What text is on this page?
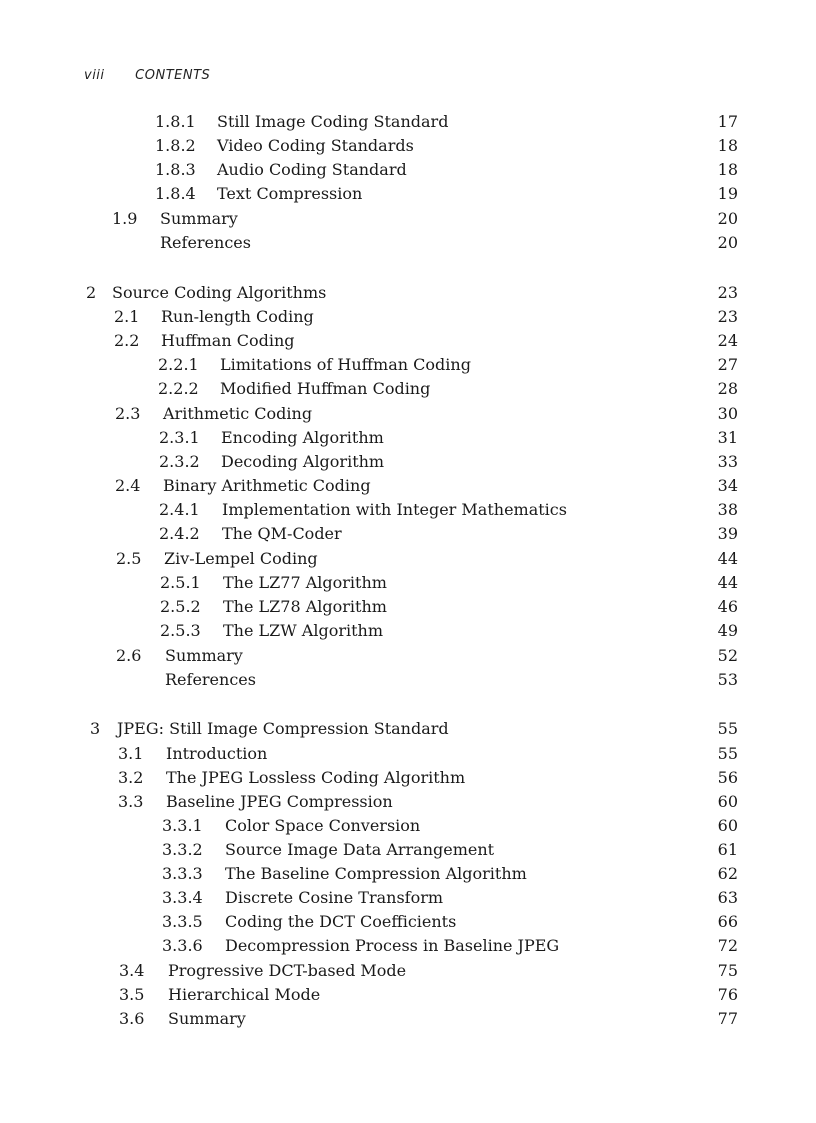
viii CONTENTS
1.8.1 Still Image Coding Standard	17
1.8.2 Video Coding Standards	18
1.8.3 Audio Coding Standard	18
1.8.4 Text Compression	19
1.9 Summary	20
References	20
2 Source Coding Algorithms	23
2.1 Run-length Coding	23
2.2 Huffman Coding	24
2.2.1 Limitations of Huffman Coding	27
2.2.2 Modified Huffman Coding	28
2.3 Arithmetic Coding	30
2.3.1 Encoding Algorithm	31
2.3.2 Decoding Algorithm	33
2.4 Binary Arithmetic Coding	34
2.4.1 Implementation with Integer Mathematics	38
2.4.2 The QM-Coder	39
2.5 Ziv-Lempel Coding	44
2.5.1 The LZ77 Algorithm	44
2.5.2 The LZ78 Algorithm	46
2.5.3 The LZW Algorithm	49
2.6 Summary	52
References	53
3 JPEG: Still Image Compression Standard	55
3.1 Introduction	55
3.2 The JPEG Lossless Coding Algorithm	56
3.3 Baseline JPEG Compression	60
3.3.1 Color Space Conversion	60
3.3.2 Source Image Data Arrangement	61
3.3.3 The Baseline Compression Algorithm	62
3.3.4 Discrete Cosine Transform	63
3.3.5 Coding the DCT Coefficients	66
3.3.6 Decompression Process in Baseline JPEG	72
3.4 Progressive DCT-based Mode	75
3.5 Hierarchical Mode	76
3.6 Summary	77
